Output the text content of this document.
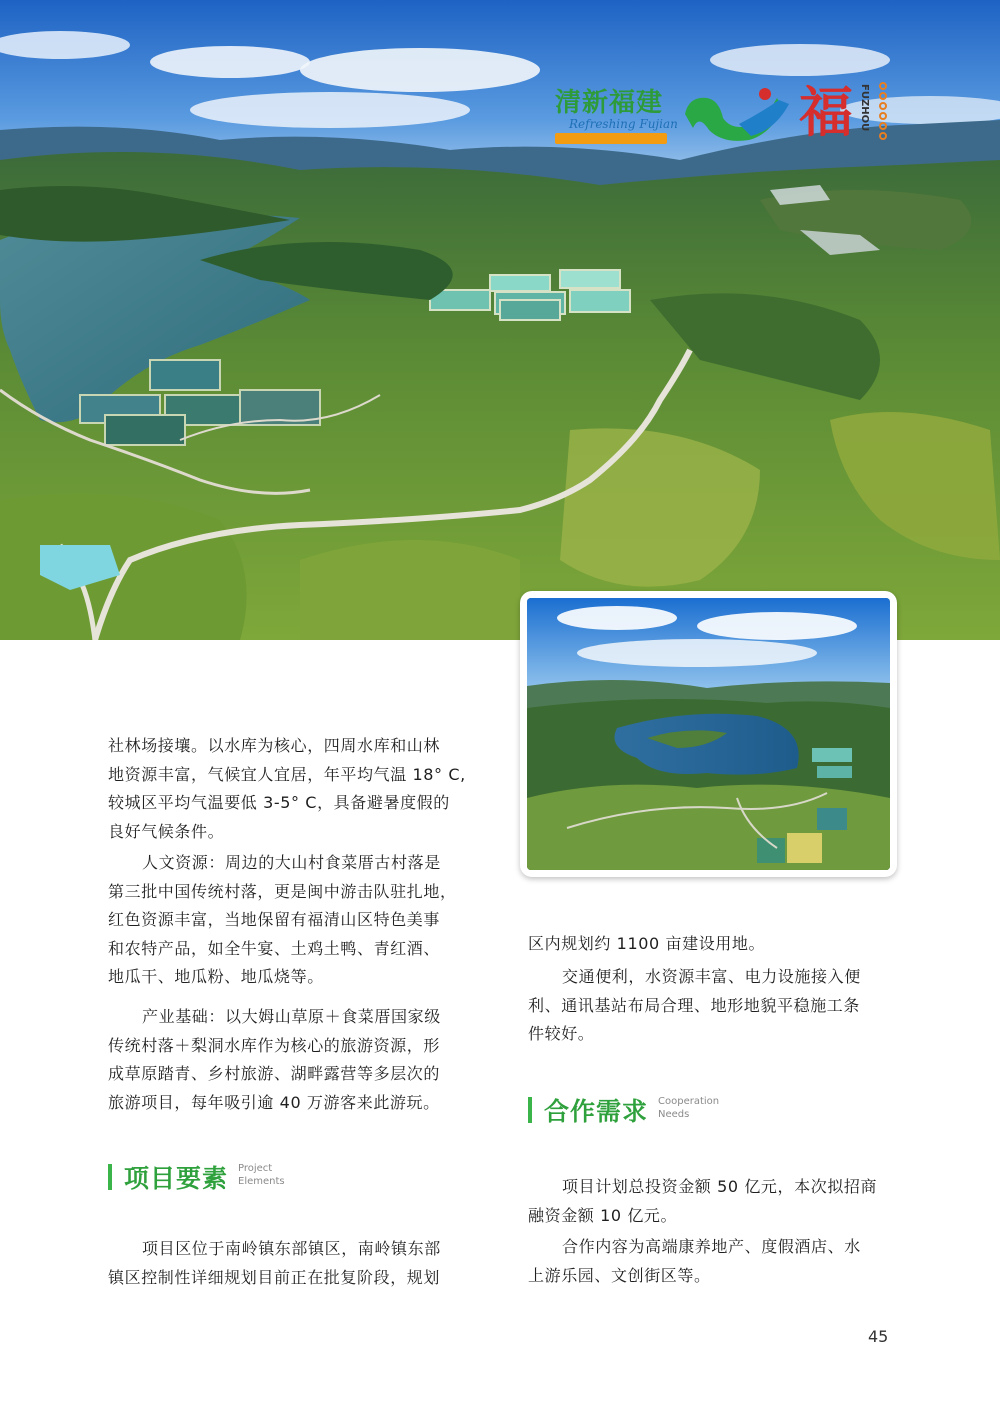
清新福建
Refreshing Fujian 福 FUZHOU
社林场接壤。以水库为核心，四周水库和山林
地资源丰富，气候宜人宜居，年平均气温 18° C,
较城区平均气温要低 3-5° C，具备避暑度假的
良好气候条件。
人文资源：周边的大山村食菜厝古村落是
第三批中国传统村落，更是闽中游击队驻扎地，
红色资源丰富，当地保留有福清山区特色美事
和农特产品，如全牛宴、土鸡土鸭、青红酒、
地瓜干、地瓜粉、地瓜烧等。
产业基础：以大姆山草原＋食菜厝国家级
传统村落＋梨洞水库作为核心的旅游资源，形
成草原踏青、乡村旅游、湖畔露营等多层次的
旅游项目，每年吸引逾 40 万游客来此游玩。
项目要素 Project
Elements
项目区位于南岭镇东部镇区，南岭镇东部
镇区控制性详细规划目前正在批复阶段，规划
区内规划约 1100 亩建设用地。
交通便利，水资源丰富、电力设施接入便
利、通讯基站布局合理、地形地貌平稳施工条
件较好。
合作需求 Cooperation
Needs
项目计划总投资金额 50 亿元，本次拟招商
融资金额 10 亿元。
合作内容为高端康养地产、度假酒店、水
上游乐园、文创街区等。
45
